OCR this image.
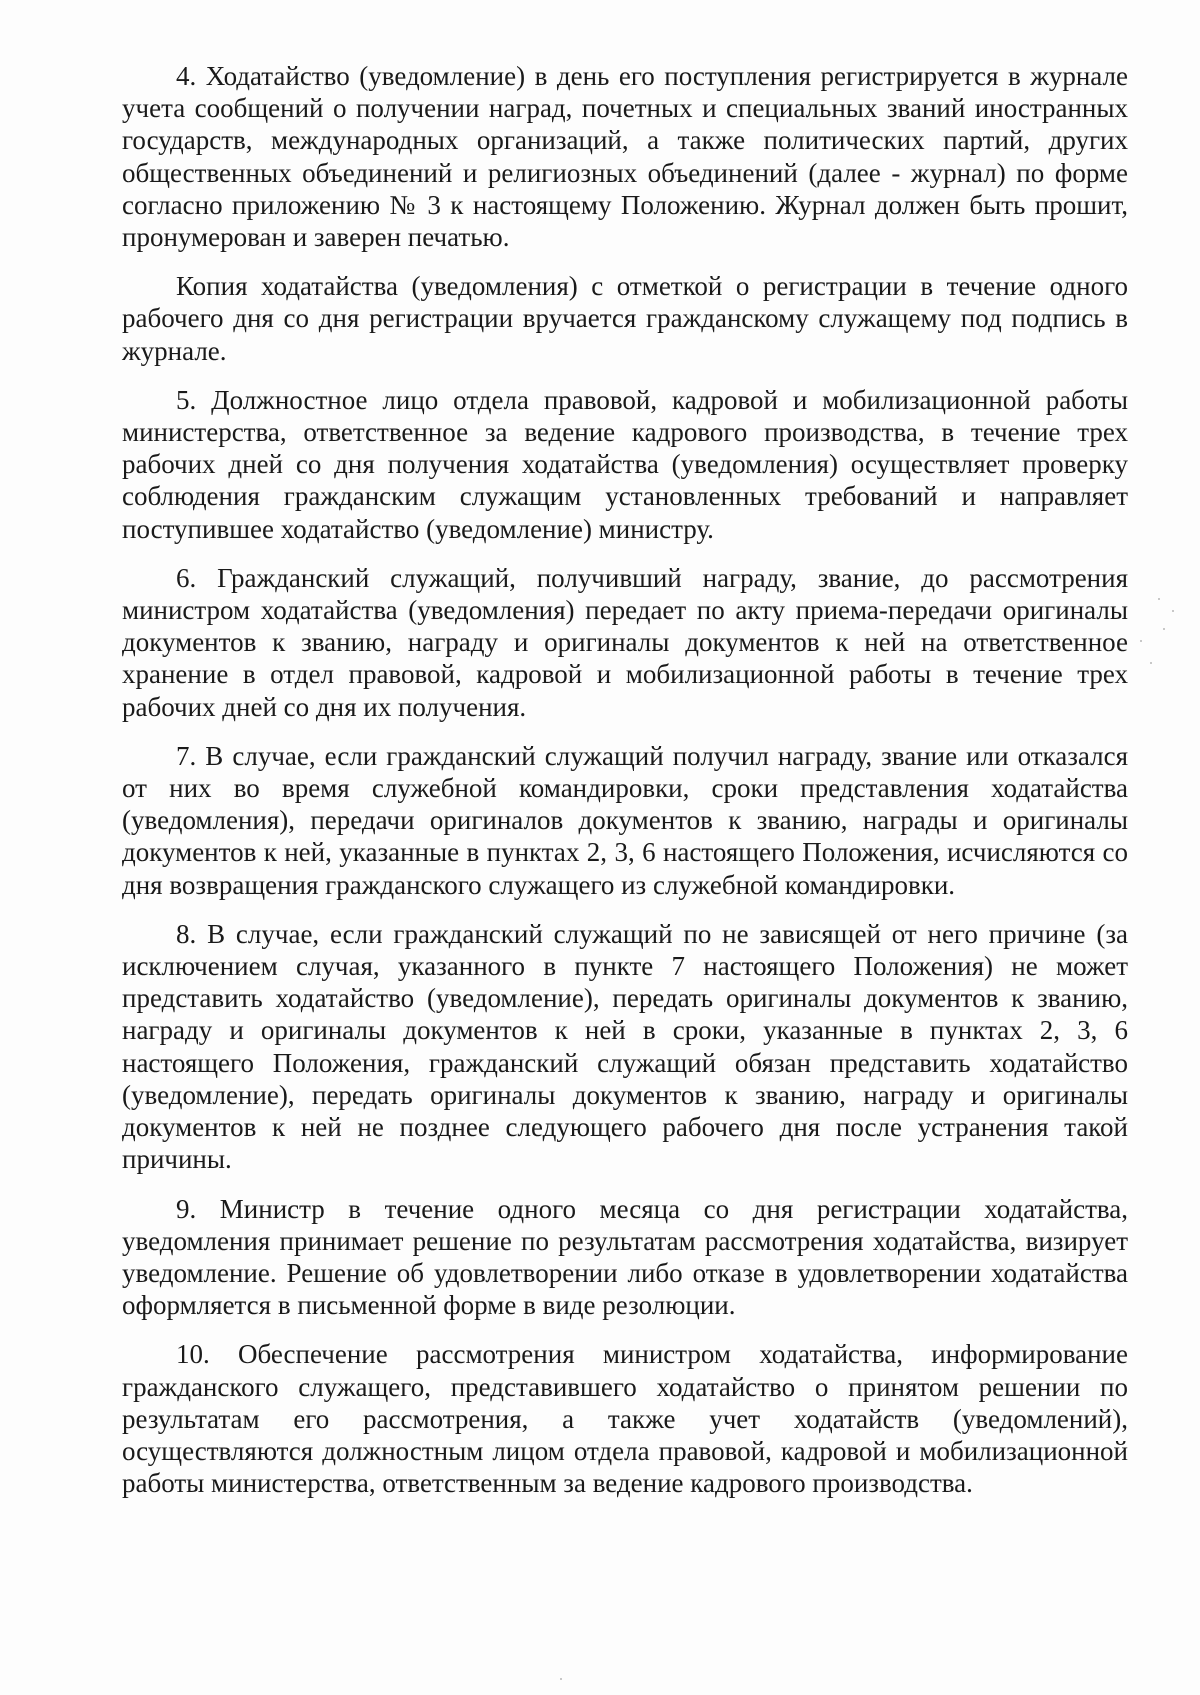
4. Ходатайство (уведомление) в день его поступления регистрируется в журнале учета сообщений о получении наград, почетных и специальных званий иностранных государств, международных организаций, а также политических партий, других общественных объединений и религиозных объединений (далее - журнал) по форме согласно приложению № 3 к настоящему Положению. Журнал должен быть прошит, пронумерован и заверен печатью.

Копия ходатайства (уведомления) с отметкой о регистрации в течение одного рабочего дня со дня регистрации вручается гражданскому служащему под подпись в журнале.

5. Должностное лицо отдела правовой, кадровой и мобилизационной работы министерства, ответственное за ведение кадрового производства, в течение трех рабочих дней со дня получения ходатайства (уведомления) осуществляет проверку соблюдения гражданским служащим установленных требований и направляет поступившее ходатайство (уведомление) министру.

6. Гражданский служащий, получивший награду, звание, до рассмотрения министром ходатайства (уведомления) передает по акту приема-передачи оригиналы документов к званию, награду и оригиналы документов к ней на ответственное хранение в отдел правовой, кадровой и мобилизационной работы в течение трех рабочих дней со дня их получения.

7. В случае, если гражданский служащий получил награду, звание или отказался от них во время служебной командировки, сроки представления ходатайства (уведомления), передачи оригиналов документов к званию, награды и оригиналы документов к ней, указанные в пунктах 2, 3, 6 настоящего Положения, исчисляются со дня возвращения гражданского служащего из служебной командировки.

8. В случае, если гражданский служащий по не зависящей от него причине (за исключением случая, указанного в пункте 7 настоящего Положения) не может представить ходатайство (уведомление), передать оригиналы документов к званию, награду и оригиналы документов к ней в сроки, указанные в пунктах 2, 3, 6 настоящего Положения, гражданский служащий обязан представить ходатайство (уведомление), передать оригиналы документов к званию, награду и оригиналы документов к ней не позднее следующего рабочего дня после устранения такой причины.

9. Министр в течение одного месяца со дня регистрации ходатайства, уведомления принимает решение по результатам рассмотрения ходатайства, визирует уведомление. Решение об удовлетворении либо отказе в удовлетворении ходатайства оформляется в письменной форме в виде резолюции.

10. Обеспечение рассмотрения министром ходатайства, информирование гражданского служащего, представившего ходатайство о принятом решении по результатам его рассмотрения, а также учет ходатайств (уведомлений), осуществляются должностным лицом отдела правовой, кадровой и мобилизационной работы министерства, ответственным за ведение кадрового производства.
